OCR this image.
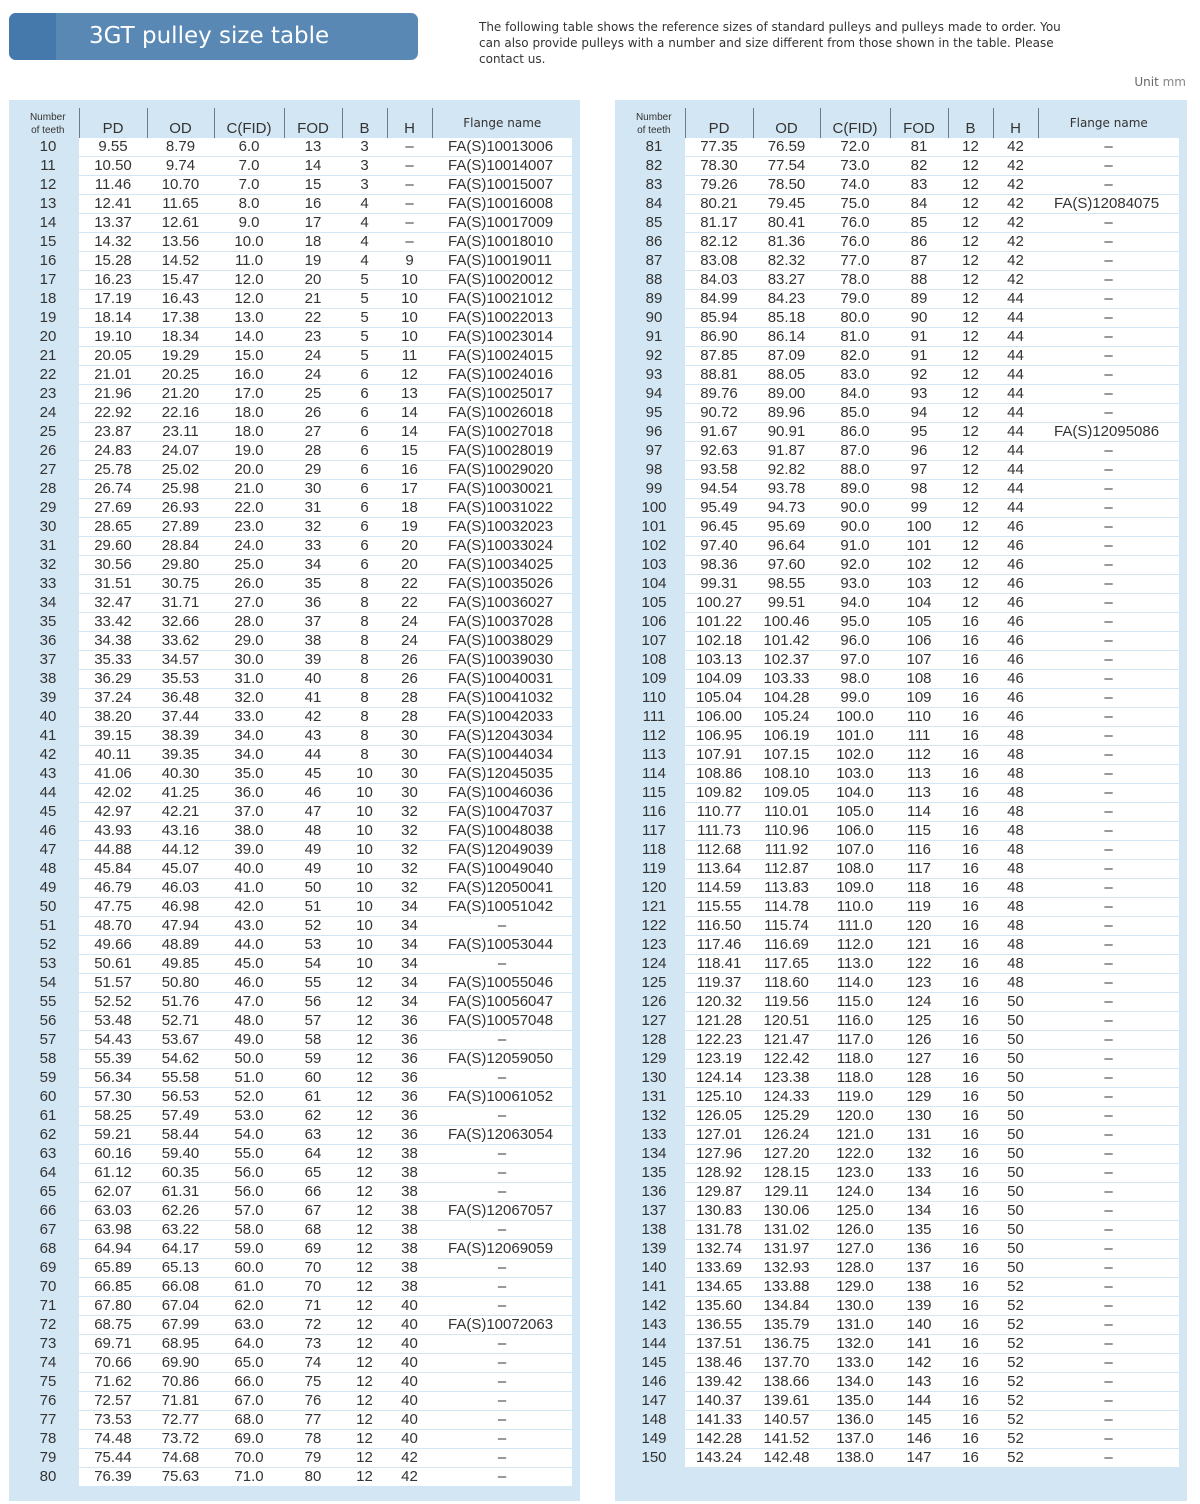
3GT pulley size table	The following table shows the reference sizes of standard pulleys and pulleys made to order. You can also provide pulleys with a number and size different from those shown in the table. Please contact us.
Unit mm
Number
of teeth	PD	OD	C(FID)	FOD	B	H	Flange name
10	9.55	8.79	6.0	13	3	–	FA(S)10013006
11	10.50	9.74	7.0	14	3	–	FA(S)10014007
12	11.46	10.70	7.0	15	3	–	FA(S)10015007
13	12.41	11.65	8.0	16	4	–	FA(S)10016008
14	13.37	12.61	9.0	17	4	–	FA(S)10017009
15	14.32	13.56	10.0	18	4	–	FA(S)10018010
16	15.28	14.52	11.0	19	4	9	FA(S)10019011
17	16.23	15.47	12.0	20	5	10	FA(S)10020012
18	17.19	16.43	12.0	21	5	10	FA(S)10021012
19	18.14	17.38	13.0	22	5	10	FA(S)10022013
20	19.10	18.34	14.0	23	5	10	FA(S)10023014
21	20.05	19.29	15.0	24	5	11	FA(S)10024015
22	21.01	20.25	16.0	24	6	12	FA(S)10024016
23	21.96	21.20	17.0	25	6	13	FA(S)10025017
24	22.92	22.16	18.0	26	6	14	FA(S)10026018
25	23.87	23.11	18.0	27	6	14	FA(S)10027018
26	24.83	24.07	19.0	28	6	15	FA(S)10028019
27	25.78	25.02	20.0	29	6	16	FA(S)10029020
28	26.74	25.98	21.0	30	6	17	FA(S)10030021
29	27.69	26.93	22.0	31	6	18	FA(S)10031022
30	28.65	27.89	23.0	32	6	19	FA(S)10032023
31	29.60	28.84	24.0	33	6	20	FA(S)10033024
32	30.56	29.80	25.0	34	6	20	FA(S)10034025
33	31.51	30.75	26.0	35	8	22	FA(S)10035026
34	32.47	31.71	27.0	36	8	22	FA(S)10036027
35	33.42	32.66	28.0	37	8	24	FA(S)10037028
36	34.38	33.62	29.0	38	8	24	FA(S)10038029
37	35.33	34.57	30.0	39	8	26	FA(S)10039030
38	36.29	35.53	31.0	40	8	26	FA(S)10040031
39	37.24	36.48	32.0	41	8	28	FA(S)10041032
40	38.20	37.44	33.0	42	8	28	FA(S)10042033
41	39.15	38.39	34.0	43	8	30	FA(S)12043034
42	40.11	39.35	34.0	44	8	30	FA(S)10044034
43	41.06	40.30	35.0	45	10	30	FA(S)12045035
44	42.02	41.25	36.0	46	10	30	FA(S)10046036
45	42.97	42.21	37.0	47	10	32	FA(S)10047037
46	43.93	43.16	38.0	48	10	32	FA(S)10048038
47	44.88	44.12	39.0	49	10	32	FA(S)12049039
48	45.84	45.07	40.0	49	10	32	FA(S)10049040
49	46.79	46.03	41.0	50	10	32	FA(S)12050041
50	47.75	46.98	42.0	51	10	34	FA(S)10051042
51	48.70	47.94	43.0	52	10	34	–
52	49.66	48.89	44.0	53	10	34	FA(S)10053044
53	50.61	49.85	45.0	54	10	34	–
54	51.57	50.80	46.0	55	12	34	FA(S)10055046
55	52.52	51.76	47.0	56	12	34	FA(S)10056047
56	53.48	52.71	48.0	57	12	36	FA(S)10057048
57	54.43	53.67	49.0	58	12	36	–
58	55.39	54.62	50.0	59	12	36	FA(S)12059050
59	56.34	55.58	51.0	60	12	36	–
60	57.30	56.53	52.0	61	12	36	FA(S)10061052
61	58.25	57.49	53.0	62	12	36	–
62	59.21	58.44	54.0	63	12	36	FA(S)12063054
63	60.16	59.40	55.0	64	12	38	–
64	61.12	60.35	56.0	65	12	38	–
65	62.07	61.31	56.0	66	12	38	–
66	63.03	62.26	57.0	67	12	38	FA(S)12067057
67	63.98	63.22	58.0	68	12	38	–
68	64.94	64.17	59.0	69	12	38	FA(S)12069059
69	65.89	65.13	60.0	70	12	38	–
70	66.85	66.08	61.0	70	12	38	–
71	67.80	67.04	62.0	71	12	40	–
72	68.75	67.99	63.0	72	12	40	FA(S)10072063
73	69.71	68.95	64.0	73	12	40	–
74	70.66	69.90	65.0	74	12	40	–
75	71.62	70.86	66.0	75	12	40	–
76	72.57	71.81	67.0	76	12	40	–
77	73.53	72.77	68.0	77	12	40	–
78	74.48	73.72	69.0	78	12	40	–
79	75.44	74.68	70.0	79	12	42	–
80	76.39	75.63	71.0	80	12	42	–
Number
of teeth	PD	OD	C(FID)	FOD	B	H	Flange name
81	77.35	76.59	72.0	81	12	42	–
82	78.30	77.54	73.0	82	12	42	–
83	79.26	78.50	74.0	83	12	42	–
84	80.21	79.45	75.0	84	12	42	FA(S)12084075
85	81.17	80.41	76.0	85	12	42	–
86	82.12	81.36	76.0	86	12	42	–
87	83.08	82.32	77.0	87	12	42	–
88	84.03	83.27	78.0	88	12	42	–
89	84.99	84.23	79.0	89	12	44	–
90	85.94	85.18	80.0	90	12	44	–
91	86.90	86.14	81.0	91	12	44	–
92	87.85	87.09	82.0	91	12	44	–
93	88.81	88.05	83.0	92	12	44	–
94	89.76	89.00	84.0	93	12	44	–
95	90.72	89.96	85.0	94	12	44	–
96	91.67	90.91	86.0	95	12	44	FA(S)12095086
97	92.63	91.87	87.0	96	12	44	–
98	93.58	92.82	88.0	97	12	44	–
99	94.54	93.78	89.0	98	12	44	–
100	95.49	94.73	90.0	99	12	44	–
101	96.45	95.69	90.0	100	12	46	–
102	97.40	96.64	91.0	101	12	46	–
103	98.36	97.60	92.0	102	12	46	–
104	99.31	98.55	93.0	103	12	46	–
105	100.27	99.51	94.0	104	12	46	–
106	101.22	100.46	95.0	105	16	46	–
107	102.18	101.42	96.0	106	16	46	–
108	103.13	102.37	97.0	107	16	46	–
109	104.09	103.33	98.0	108	16	46	–
110	105.04	104.28	99.0	109	16	46	–
111	106.00	105.24	100.0	110	16	46	–
112	106.95	106.19	101.0	111	16	48	–
113	107.91	107.15	102.0	112	16	48	–
114	108.86	108.10	103.0	113	16	48	–
115	109.82	109.05	104.0	113	16	48	–
116	110.77	110.01	105.0	114	16	48	–
117	111.73	110.96	106.0	115	16	48	–
118	112.68	111.92	107.0	116	16	48	–
119	113.64	112.87	108.0	117	16	48	–
120	114.59	113.83	109.0	118	16	48	–
121	115.55	114.78	110.0	119	16	48	–
122	116.50	115.74	111.0	120	16	48	–
123	117.46	116.69	112.0	121	16	48	–
124	118.41	117.65	113.0	122	16	48	–
125	119.37	118.60	114.0	123	16	48	–
126	120.32	119.56	115.0	124	16	50	–
127	121.28	120.51	116.0	125	16	50	–
128	122.23	121.47	117.0	126	16	50	–
129	123.19	122.42	118.0	127	16	50	–
130	124.14	123.38	118.0	128	16	50	–
131	125.10	124.33	119.0	129	16	50	–
132	126.05	125.29	120.0	130	16	50	–
133	127.01	126.24	121.0	131	16	50	–
134	127.96	127.20	122.0	132	16	50	–
135	128.92	128.15	123.0	133	16	50	–
136	129.87	129.11	124.0	134	16	50	–
137	130.83	130.06	125.0	134	16	50	–
138	131.78	131.02	126.0	135	16	50	–
139	132.74	131.97	127.0	136	16	50	–
140	133.69	132.93	128.0	137	16	50	–
141	134.65	133.88	129.0	138	16	52	–
142	135.60	134.84	130.0	139	16	52	–
143	136.55	135.79	131.0	140	16	52	–
144	137.51	136.75	132.0	141	16	52	–
145	138.46	137.70	133.0	142	16	52	–
146	139.42	138.66	134.0	143	16	52	–
147	140.37	139.61	135.0	144	16	52	–
148	141.33	140.57	136.0	145	16	52	–
149	142.28	141.52	137.0	146	16	52	–
150	143.24	142.48	138.0	147	16	52	–
